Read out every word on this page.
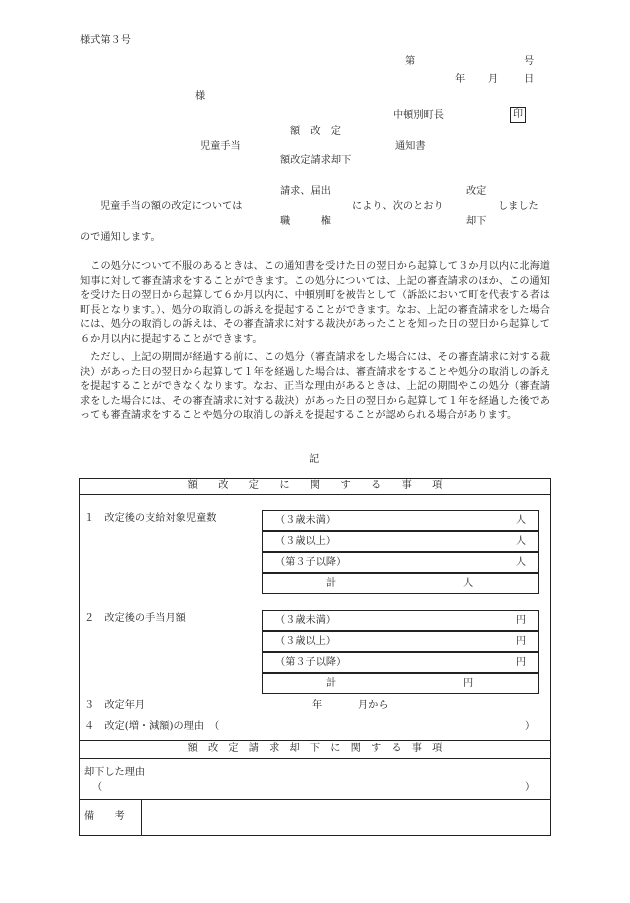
様式第３号
第	号
年 月	日
様
中頓別町長	印
額　改　定
児童手当	通知書
額改定請求却下
請求、届出	改定
児童手当の額の改定については	により、次のとおり	しました
職　　　権	却下
ので通知します。
　この処分について不服のあるときは、この通知書を受けた日の翌日から起算して３か月以内に北海道知事に対して審査請求をすることができます。この処分については、上記の審査請求のほか、この通知を受けた日の翌日から起算して６か月以内に、中頓別町を被告として（訴訟において町を代表する者は町長となります。）、処分の取消しの訴えを提起することができます。なお、上記の審査請求をした場合には、処分の取消しの訴えは、その審査請求に対する裁決があったことを知った日の翌日から起算して６か月以内に提起することができます。
　ただし、上記の期間が経過する前に、この処分（審査請求をした場合には、その審査請求に対する裁決）があった日の翌日から起算して１年を経過した場合は、審査請求をすることや処分の取消しの訴えを提起することができなくなります。なお、正当な理由があるときは、上記の期間やこの処分（審査請求をした場合には、その審査請求に対する裁決）があった日の翌日から起算して１年を経過した後であっても審査請求をすることや処分の取消しの訴えを提起することが認められる場合があります。
記
額　　改　　定　　に　　関　　す　　る　　事　　項
１　改定後の支給対象児童数	（３歳未満）	人
（３歳以上）	人
（第３子以降）	人
計	人
２　改定後の手当月額	（３歳未満）	円
（３歳以上）	円
（第３子以降）	円
計	円
３　改定年月	年	月から
４　改定(増・減額)の理由　（	）
額　改　定　請　求　却　下　に　関　す　る　事　項
却下した理由
（	）
備　　考
